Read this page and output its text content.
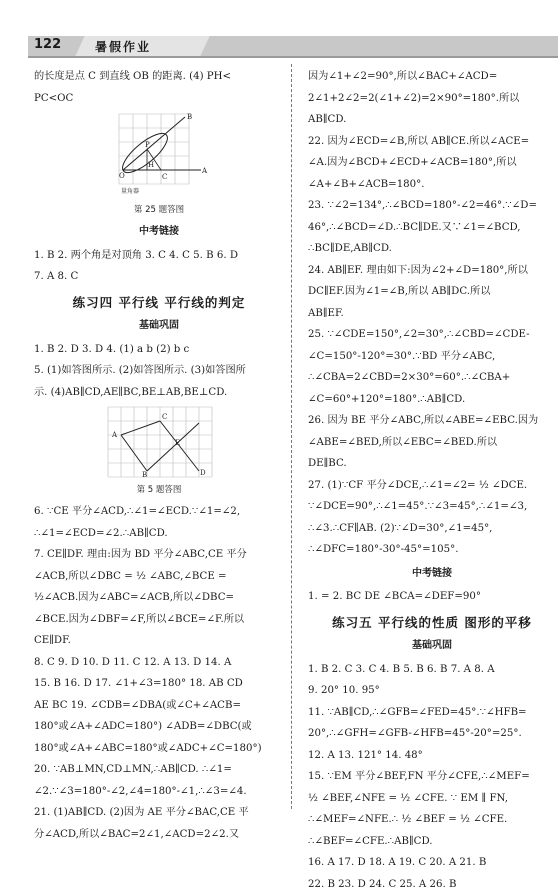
122	暑假作业

的长度是点 C 到直线 OB 的距离. (4) PH<

PC<OC

A
B
C
P
H
O
量角器

第 25 题答图

中考链接

1. B 2. 两个角是对顶角 3. C 4. C 5. B 6. D

7. A 8. C

练习四 平行线 平行线的判定

基础巩固

1. B 2. D 3. D 4. (1) a b (2) b c

5. (1)如答图所示. (2)如答图所示. (3)如答图所

示. (4)AB∥CD,AE∥BC,BE⊥AB,BE⊥CD.

A
C
E
B	D

第 5 题答图

6. ∵CE 平分∠ACD,∴∠1=∠ECD.∵∠1=∠2,

∴∠1=∠ECD=∠2.∴AB∥CD.

7. CE∥DF. 理由:因为 BD 平分∠ABC,CE 平分

∠ACB,所以∠DBC = ½ ∠ABC,∠BCE =

½∠ACB.因为∠ABC=∠ACB,所以∠DBC=

∠BCE.因为∠DBF=∠F,所以∠BCE=∠F.所以

CE∥DF.

8. C 9. D 10. D 11. C 12. A 13. D 14. A

15. B 16. D 17. ∠1+∠3=180° 18. AB CD

AE BC 19. ∠CDB=∠DBA(或∠C+∠ACB=

180°或∠A+∠ADC=180°) ∠ADB=∠DBC(或

180°或∠A+∠ABC=180°或∠ADC+∠C=180°)

20. ∵AB⊥MN,CD⊥MN,∴AB∥CD. ∴∠1=

∠2.∵∠3=180°-∠2,∠4=180°-∠1,∴∠3=∠4.

21. (1)AB∥CD. (2)因为 AE 平分∠BAC,CE 平

分∠ACD,所以∠BAC=2∠1,∠ACD=2∠2.又

因为∠1+∠2=90°,所以∠BAC+∠ACD=

2∠1+2∠2=2(∠1+∠2)=2×90°=180°.所以

AB∥CD.

22. 因为∠ECD=∠B,所以 AB∥CE.所以∠ACE=

∠A.因为∠BCD+∠ECD+∠ACB=180°,所以

∠A+∠B+∠ACB=180°.

23. ∵∠2=134°,∴∠BCD=180°-∠2=46°.∵∠D=

46°,∴∠BCD=∠D.∴BC∥DE.又∵∠1=∠BCD,

∴BC∥DE,AB∥CD.

24. AB∥EF. 理由如下:因为∠2+∠D=180°,所以

DC∥EF.因为∠1=∠B,所以 AB∥DC.所以

AB∥EF.

25. ∵∠CDE=150°,∠2=30°,∴∠CBD=∠CDE-

∠C=150°-120°=30°.∵BD 平分∠ABC,

∴∠CBA=2∠CBD=2×30°=60°.∴∠CBA+

∠C=60°+120°=180°.∴AB∥CD.

26. 因为 BE 平分∠ABC,所以∠ABE=∠EBC.因为

∠ABE=∠BED,所以∠EBC=∠BED.所以

DE∥BC.

27. (1)∵CF 平分∠DCE,∴∠1=∠2= ½ ∠DCE.

∵∠DCE=90°,∴∠1=45°.∵∠3=45°,∴∠1=∠3,

∴∠3.∴CF∥AB. (2)∵∠D=30°,∠1=45°,

∴∠DFC=180°-30°-45°=105°.

中考链接

1. = 2. BC DE ∠BCA=∠DEF=90°

练习五 平行线的性质 图形的平移

基础巩固

1. B 2. C 3. C 4. B 5. B 6. B 7. A 8. A

9. 20° 10. 95°

11. ∵AB∥CD,∴∠GFB=∠FED=45°.∵∠HFB=

20°,∴∠GFH=∠GFB-∠HFB=45°-20°=25°.

12. A 13. 121° 14. 48°

15. ∵EM 平分∠BEF,FN 平分∠CFE,∴∠MEF=

½ ∠BEF,∠NFE = ½ ∠CFE. ∵ EM ∥ FN,

∴∠MEF=∠NFE.∴ ½ ∠BEF = ½ ∠CFE.

∴∠BEF=∠CFE.∴AB∥CD.

16. A 17. D 18. A 19. C 20. A 21. B

22. B 23. D 24. C 25. A 26. B
